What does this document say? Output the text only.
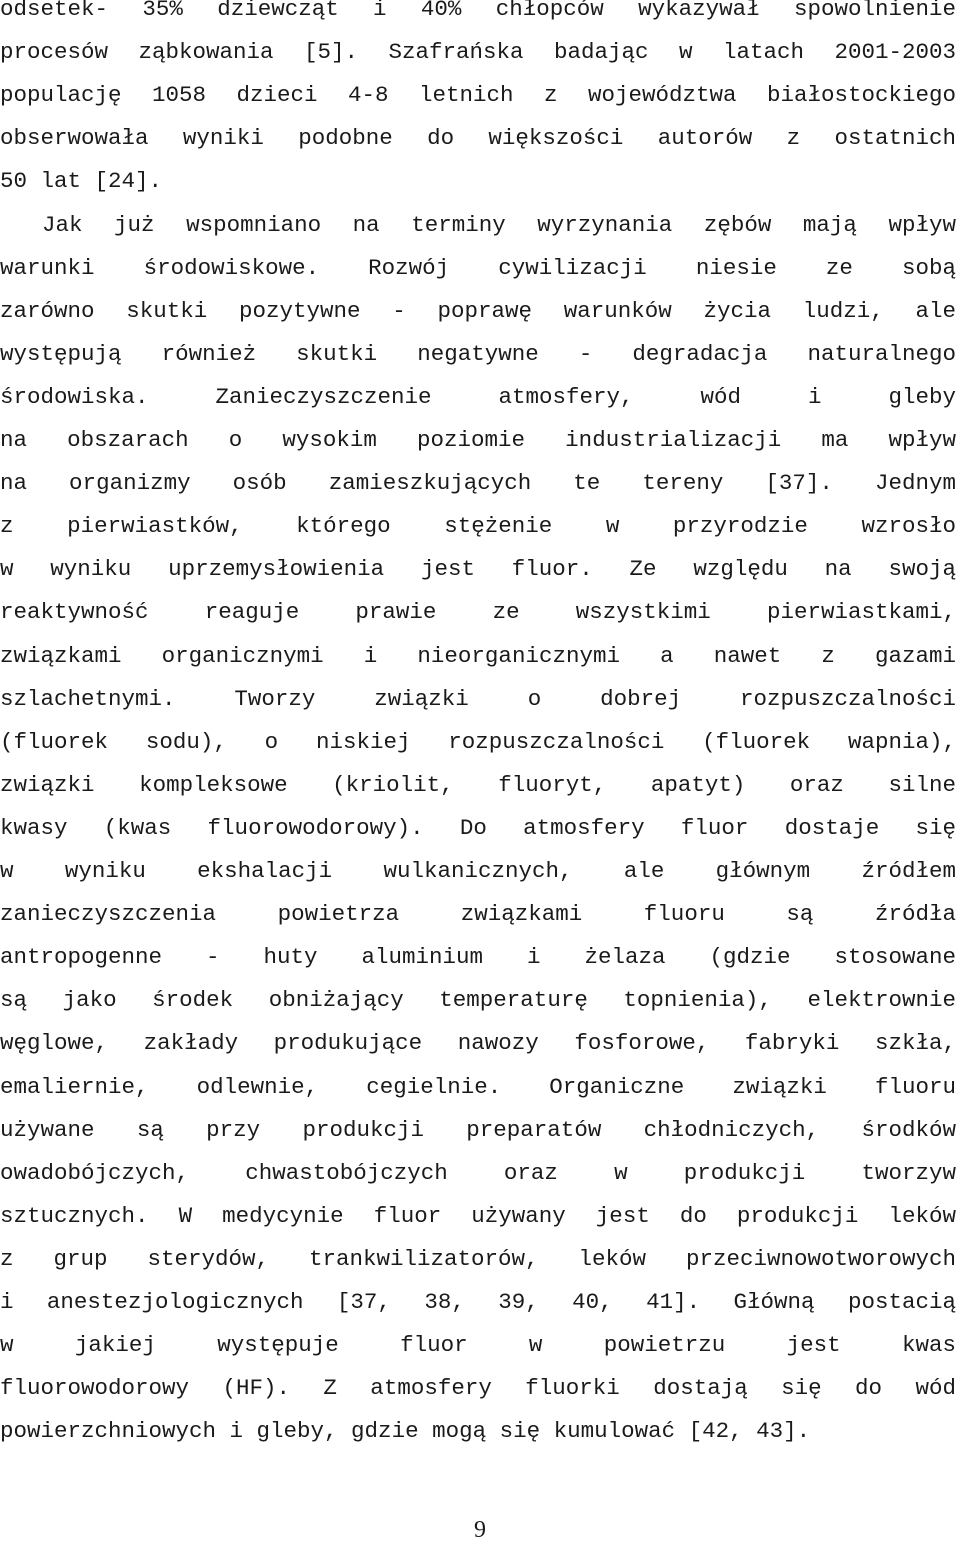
odsetek- 35% dziewcząt i 40% chłopców wykazywał spowolnienie
procesów ząbkowania [5]. Szafrańska badając w latach 2001-2003
populację 1058 dzieci 4-8 letnich z województwa białostockiego
obserwowała wyniki podobne do większości autorów z ostatnich
50 lat [24].
Jak już wspomniano na terminy wyrzynania zębów mają wpływ
warunki środowiskowe. Rozwój cywilizacji niesie ze sobą
zarówno skutki pozytywne - poprawę warunków życia ludzi, ale
występują również skutki negatywne - degradacja naturalnego
środowiska. Zanieczyszczenie atmosfery, wód i gleby
na obszarach o wysokim poziomie industrializacji ma wpływ
na organizmy osób zamieszkujących te tereny [37]. Jednym
z pierwiastków, którego stężenie w przyrodzie wzrosło
w wyniku uprzemysłowienia jest fluor. Ze względu na swoją
reaktywność reaguje prawie ze wszystkimi pierwiastkami,
związkami organicznymi i nieorganicznymi a nawet z gazami
szlachetnymi. Tworzy związki o dobrej rozpuszczalności
(fluorek sodu), o niskiej rozpuszczalności (fluorek wapnia),
związki kompleksowe (kriolit, fluoryt, apatyt) oraz silne
kwasy (kwas fluorowodorowy). Do atmosfery fluor dostaje się
w wyniku ekshalacji wulkanicznych, ale głównym źródłem
zanieczyszczenia powietrza związkami fluoru są źródła
antropogenne - huty aluminium i żelaza (gdzie stosowane
są jako środek obniżający temperaturę topnienia), elektrownie
węglowe, zakłady produkujące nawozy fosforowe, fabryki szkła,
emaliernie, odlewnie, cegielnie. Organiczne związki fluoru
używane są przy produkcji preparatów chłodniczych, środków
owadobójczych, chwastobójczych oraz w produkcji tworzyw
sztucznych. W medycynie fluor używany jest do produkcji leków
z grup sterydów, trankwilizatorów, leków przeciwnowotworowych
i anestezjologicznych [37, 38, 39, 40, 41]. Główną postacią
w jakiej występuje fluor w powietrzu jest kwas
fluorowodorowy (HF). Z atmosfery fluorki dostają się do wód
powierzchniowych i gleby, gdzie mogą się kumulować [42, 43].
9
